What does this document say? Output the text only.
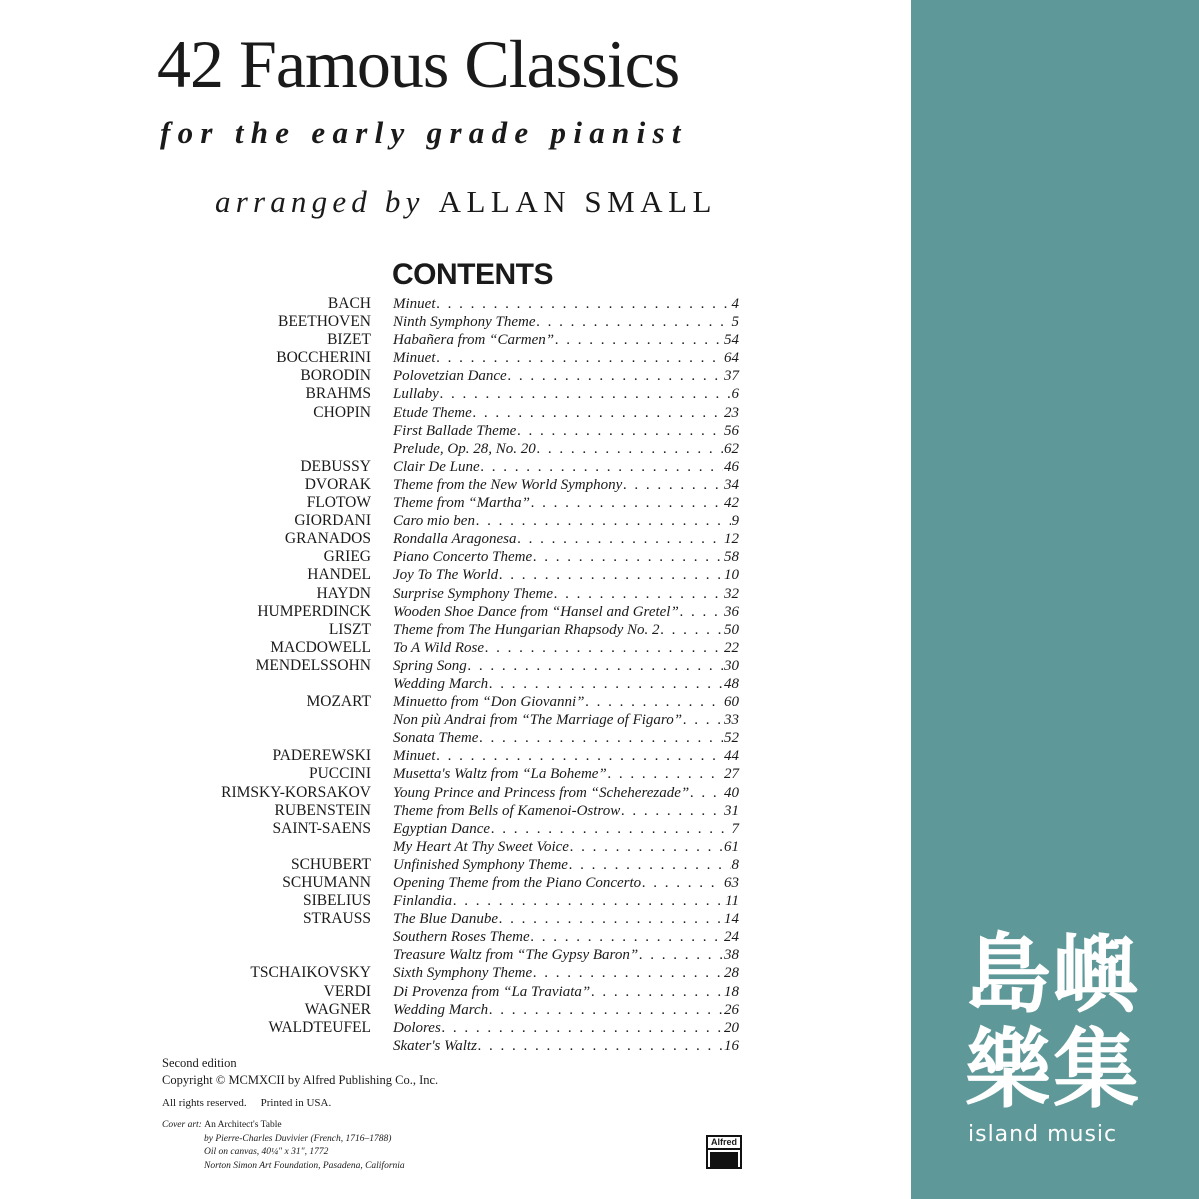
42 Famous Classics
for the early grade pianist
arranged by ALLAN SMALL
CONTENTS
BACH Minuet . . .	4
BEETHOVEN Ninth Symphony Theme . . .	5
BIZET Habañera from “Carmen” . . .	54
BOCCHERINI Minuet . . .	64
BORODIN Polovetzian Dance . . .	37
BRAHMS Lullaby . . .	6
CHOPIN Etude Theme . . .	23
First Ballade Theme . . .	56
Prelude, Op. 28, No. 20 . . .	62
DEBUSSY Clair De Lune . . .	46
DVORAK Theme from the New World Symphony . . .	34
FLOTOW Theme from “Martha” . . .	42
GIORDANI Caro mio ben . . .	9
GRANADOS Rondalla Aragonesa . . .	12
GRIEG Piano Concerto Theme . . .	58
HANDEL Joy To The World . . .	10
HAYDN Surprise Symphony Theme . . .	32
HUMPERDINCK Wooden Shoe Dance from “Hansel and Gretel” . . .	36
LISZT Theme from The Hungarian Rhapsody No. 2 . . .	50
MACDOWELL To A Wild Rose . . .	22
MENDELSSOHN Spring Song . . .	30
Wedding March . . .	48
MOZART Minuetto from “Don Giovanni” . . .	60
Non più Andrai from “The Marriage of Figaro” . . .	33
Sonata Theme . . .	52
PADEREWSKI Minuet . . .	44
PUCCINI Musetta's Waltz from “La Boheme” . . .	27
RIMSKY-KORSAKOV Young Prince and Princess from “Scheherezade” . . . 40
RUBENSTEIN Theme from Bells of Kamenoi-Ostrow . . .	31
SAINT-SAENS Egyptian Dance . . .	7
My Heart At Thy Sweet Voice . . .	61
SCHUBERT Unfinished Symphony Theme . . .	8
SCHUMANN Opening Theme from the Piano Concerto . . .	63
SIBELIUS Finlandia . . .	11
STRAUSS The Blue Danube . . .	14
Southern Roses Theme . . .	24
Treasure Waltz from “The Gypsy Baron” . . .	38
TSCHAIKOVSKY Sixth Symphony Theme . . .	28
VERDI Di Provenza from “La Traviata” . . .	18
WAGNER Wedding March . . .	26
WALDTEUFEL Dolores . . .	20
Skater's Waltz . . .	16
Second edition
Copyright © MCMXCII by Alfred Publishing Co., Inc.
All rights reserved. Printed in USA.
Cover art: An Architect's Table
by Pierre-Charles Duvivier (French, 1716–1788)
Oil on canvas, 40¼" x 31", 1772
Norton Simon Art Foundation, Pasadena, California
Alfred
島嶼
樂集
island music
